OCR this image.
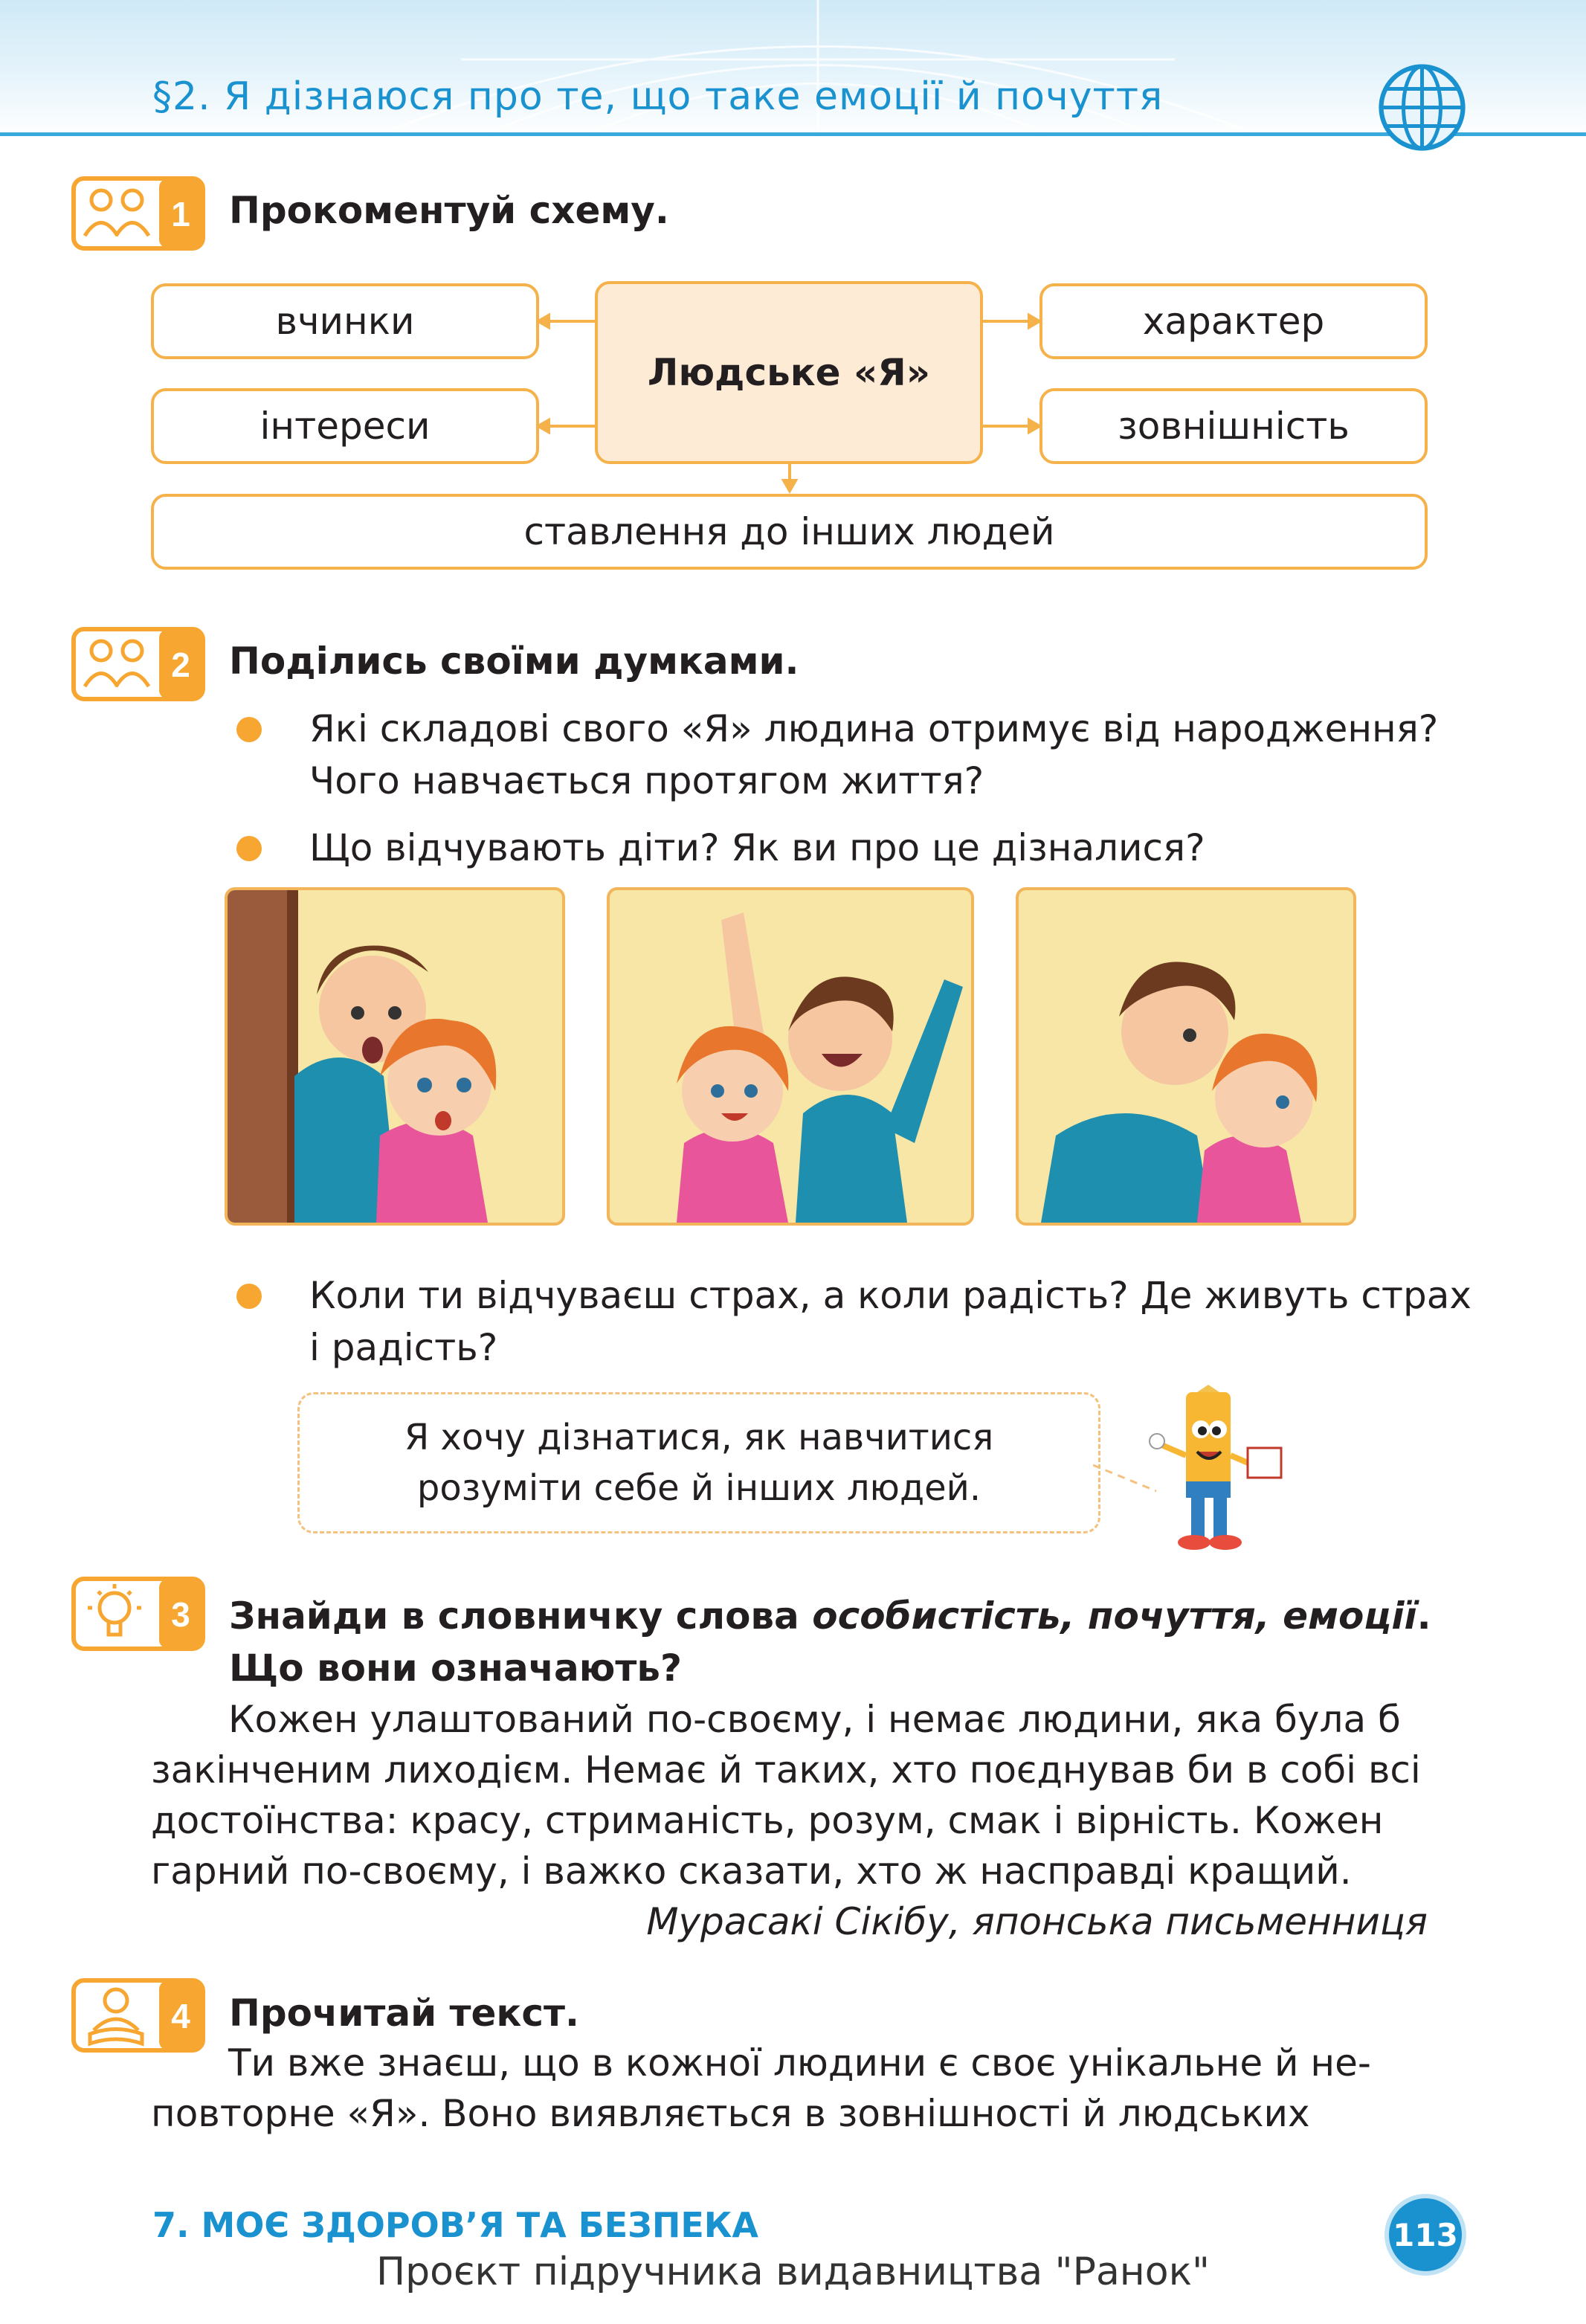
§2. Я дізнаюся про те, що таке емоції й почуття
1 Прокоментуй схему.
вчинки
інтереси
Людське «Я»
характер
зовнішність
ставлення до інших людей
2 Поділись своїми думками.
Які складові свого «Я» людина отримує від народження?
Чого навчається протягом життя?
Що відчувають діти? Як ви про це дізналися?
Коли ти відчуваєш страх, а коли радість? Де живуть страх
і радість?
Я хочу дізнатися, як навчитися
розуміти себе й інших людей.
3 Знайди в словничку слова особистість, почуття, емоції.
Що вони означають?
Кожен улаштований по-своєму, і немає людини, яка була б
закінченим лиходієм. Немає й таких, хто поєднував би в собі всі
достоїнства: красу, стриманість, розум, смак і вірність. Кожен
гарний по-своєму, і важко сказати, хто ж насправді кращий.
Мурасакі Сікібу, японська письменниця
4 Прочитай текст.
Ти вже знаєш, що в кожної людини є своє унікальне й не-
повторне «Я». Воно виявляється в зовнішності й людських
7. МОЄ ЗДОРОВ’Я ТА БЕЗПЕКА	113
Проєкт підручника видавництва "Ранок"
